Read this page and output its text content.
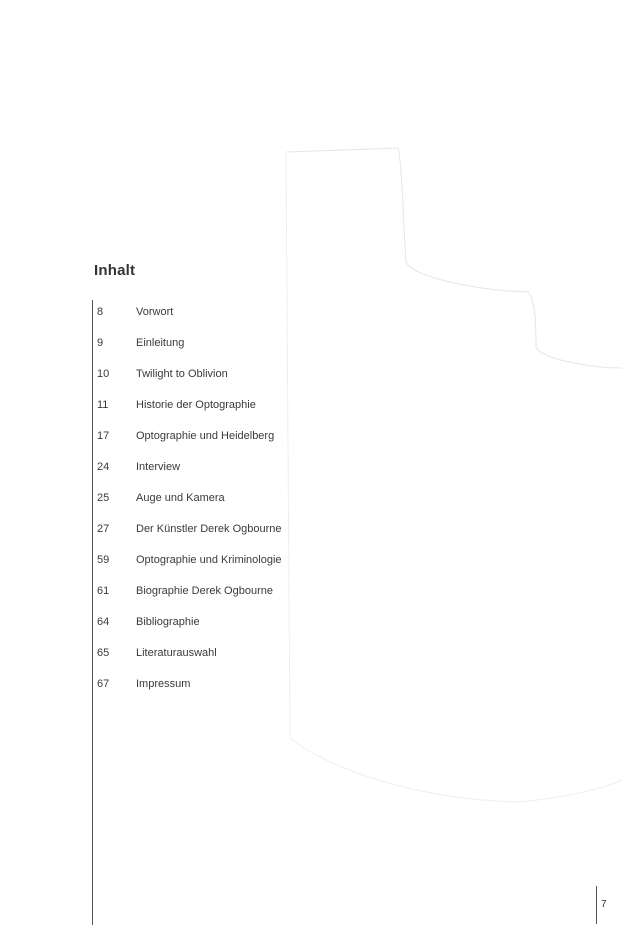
Inhalt
8	Vorwort
9	Einleitung
10 Twilight to Oblivion
11	Historie der Optographie
17 Optographie und Heidelberg
24 Interview
25 Auge und Kamera
27 Der Künstler Derek Ogbourne
59 Optographie und Kriminologie
61 Biographie Derek Ogbourne
64 Bibliographie
65 Literaturauswahl
67 Impressum
7
